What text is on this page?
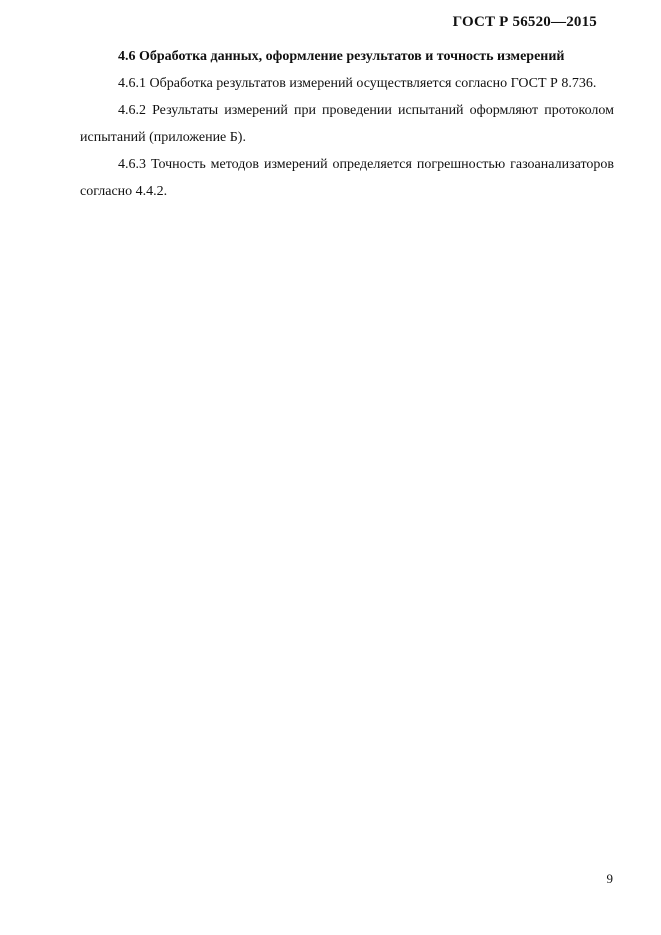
ГОСТ Р 56520—2015

4.6 Обработка данных, оформление результатов и точность измерений

4.6.1 Обработка результатов измерений осуществляется согласно ГОСТ Р 8.736.

4.6.2 Результаты измерений при проведении испытаний оформляют протоколом испытаний (приложение Б).

4.6.3 Точность методов измерений определяется погрешностью газоанализаторов согласно 4.4.2.

9
